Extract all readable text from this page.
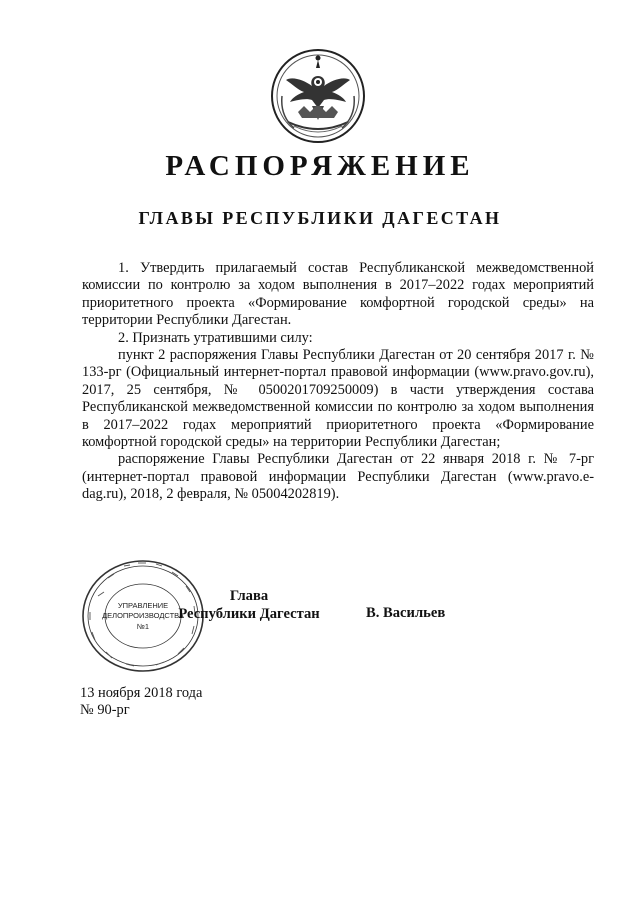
РАСПОРЯЖЕНИЕ
ГЛАВЫ РЕСПУБЛИКИ ДАГЕСТАН

1. Утвердить прилагаемый состав Республиканской межведомственной комиссии по контролю за ходом выполнения в 2017–2022 годах мероприятий приоритетного проекта «Формирование комфортной городской среды» на территории Республики Дагестан.

2. Признать утратившими силу:

пункт 2 распоряжения Главы Республики Дагестан от 20 сентября 2017 г. № 133-рг (Официальный интернет-портал правовой информации (www.pravo.gov.ru), 2017, 25 сентября, № 0500201709250009) в части утверждения состава Республиканской межведомственной комиссии по контролю за ходом выполнения в 2017–2022 годах мероприятий приоритетного проекта «Формирование комфортной городской среды» на территории Республики Дагестан;

распоряжение Главы Республики Дагестан от 22 января 2018 г. № 7-рг (интернет-портал правовой информации Республики Дагестан (www.pravo.e-dag.ru), 2018, 2 февраля, № 05004202819).

УПРАВЛЕНИЕ
ДЕЛОПРОИЗВОДСТВА
№1
Глава
Республики Дагестан	В. Васильев
13 ноября 2018 года
№ 90-рг
